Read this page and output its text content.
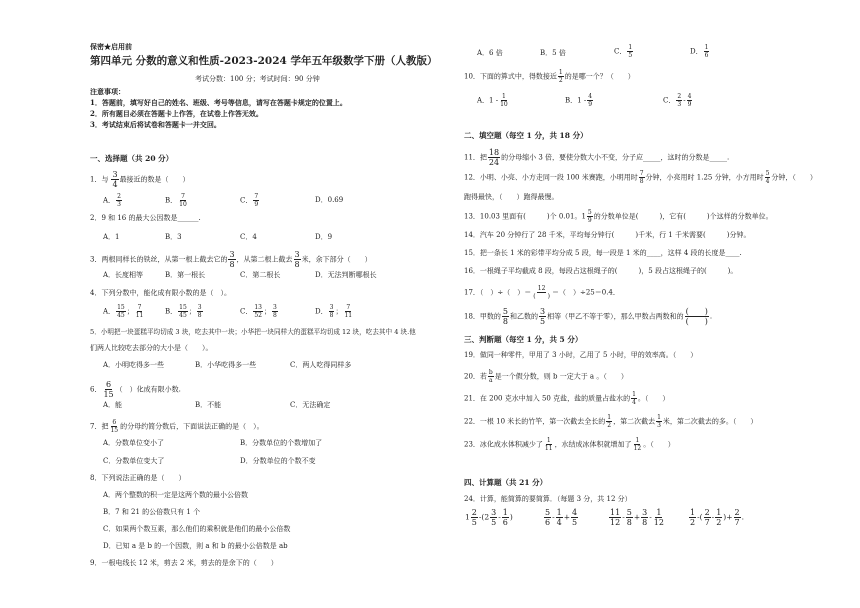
保密★启用前
第四单元 分数的意义和性质-2023-2024 学年五年级数学下册（人教版）
考试分数：100 分；考试时间：90 分钟
注意事项：
1．答题前，填写好自己的姓名、班级、考号等信息，请写在答题卡规定的位置上。
2．所有题目必须在答题卡上作答，在试卷上作答无效。
3．考试结束后将试卷和答题卡一并交回。
一、选择题（共 20 分）
1．与 $\frac{3}{4}$ 最接近的数是（　　）
A． $\frac{2}{3}$	B． $\frac{7}{10}$	C． $\frac{7}{9}$	D．0.69
2．9 和 16 的最大公因数是______.
A．1	B．3	C．4	D．9
3．两根同样长的铁丝，从第一根上截去它的 $\frac{3}{8}$ ，从第二根上截去 $\frac{3}{8}$ 米，余下部分（　　）
A．长度相等	B．第一根长	C．第二根长	D．无法判断哪根长
4．下列分数中，能化成有限小数的是（　）。
A． $\frac{15}{45}$ ； $\frac{7}{11}$	B． $\frac{15}{45}$ ； $\frac{3}{8}$	C． $\frac{13}{52}$ ； $\frac{3}{8}$	D． $\frac{3}{8}$ ； $\frac{7}{11}$
5．小明把一块蛋糕平均切成 3 块，吃去其中一块；小华把一块同样大的蛋糕平均切成 12 块，吃去其中 4 块.他
们两人比较吃去部分的大小是（　　）。
A．小明吃得多一些	B．小华吃得多一些	C．两人吃得同样多
6． $\frac{6}{15}$ （　）化成有限小数.
A．能	B．不能	C．无法确定
7．把 $\frac{6}{15}$ 的分母约简分数后，下面说法正确的是（　）。
A．分数单位变小了	B．分数单位的个数增加了
C．分数单位变大了	D．分数单位的个数不变
8．下列说法正确的是（　　）
A．两个整数的积一定是这两个数的最小公倍数
B．7 和 21 的公倍数只有 1 个
C．如果两个数互素，那么他们的乘积就是他们的最小公倍数
D．已知 a 是 b 的一个因数，则 a 和 b 的最小公倍数是 ab
9．一根电线长 12 米，剪去 2 米，剪去的是余下的（　　）
A．6 倍	B．5 倍	C． $\frac{1}{5}$	D． $\frac{1}{6}$
10．下面的算式中，得数接近 $\frac{1}{2}$ 的是哪一个？（　　）
A．$1 - \frac{1}{10}$	B．$1 - \frac{4}{9}$	C． $\frac{2}{3} - \frac{4}{9}$
二、填空题（每空 1 分，共 18 分）
11．把 $\frac{18}{24}$ 的分母缩小 3 倍，要使分数大小不变，分子应_____，这时的分数是_____.
12．小明、小亮、小方走同一段 100 米赛跑，小明用时 $\frac{7}{8}$ 分钟，小亮用时 1.25 分钟，小方用时 $\frac{5}{4}$ 分钟，（　　）
跑得最快，（　　）跑得最慢。
13．10.03 里面有(　　　)个 0.01。$1 \frac{5}{9}$ 的分数单位是(　　　)，它有(　　　)个这样的分数单位。
14．汽车 20 分钟行了 28 千米，平均每分钟行(　　　)千米，行 1 千米需要(　　　)分钟。
15．把一条长 1 米的彩带平均分成 5 段，每一段是 1 米的____，这样 4 段的长度是____.
16．一根绳子平均截成 8 段，每段占这根绳子的(　　　)，5 段占这根绳子的(　　　)。
17．（　）÷（　）＝ $\frac{12}{( )}$ ＝（　）÷25＝0.4．
18．甲数的 $\frac{5}{8}$ 和乙数的 $\frac{3}{5}$ 相等（甲乙不等于零），那么甲数占两数和的 $\frac{( )}{( )}$ .
三、判断题（每空 1 分，共 5 分）
19．做同一种零件，甲用了 3 小时，乙用了 5 小时，甲的效率高。（　　）
20．若 $\frac{b}{a}$ 是一个假分数，则 b 一定大于 a 。（　　）
21．在 200 克水中加入 50 克盐，盐的质量占盐水的 $\frac{1}{4}$ 。（　　）
22．一根 10 米长的竹竿，第一次截去全长的 $\frac{1}{2}$ ，第二次截去 $\frac{1}{3}$ 米，第二次截去的多。（　　）
23．冰化成水体积减少了 $\frac{1}{11}$ ，水结成冰体积就增加了 $\frac{1}{12}$ 。（　　）
四、计算题（共 21 分）
24．计算，能简算的要简算．（每题 3 分，共 12 分）
$1 \frac{2}{5} -(2 \frac{3}{5} - \frac{1}{6}$ )	$\frac{5}{6} - \frac{1}{4} + \frac{4}{5}$	$\frac{11}{12} - \frac{5}{8} + \frac{3}{8} - \frac{1}{12}$	$\frac{1}{2}$ -( $\frac{2}{7} - \frac{1}{2}$ )+ $\frac{2}{7}$ .
